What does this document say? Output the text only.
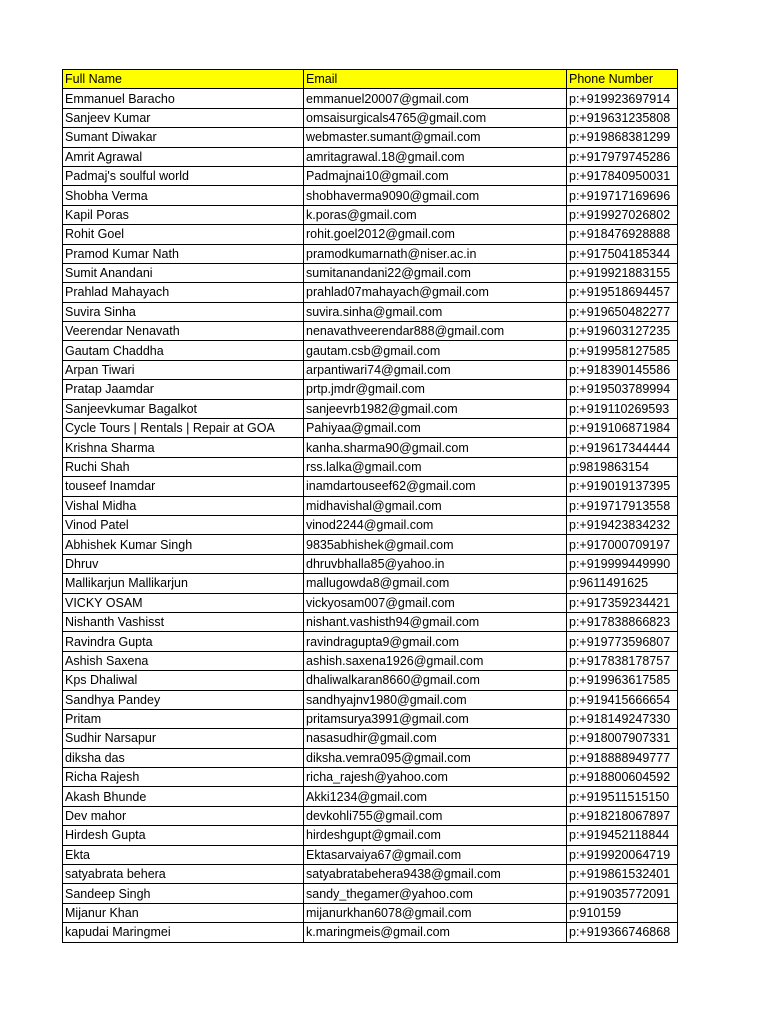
Full Name	Email	Phone Number
Emmanuel Baracho	emmanuel20007@gmail.com	p:+919923697914
Sanjeev Kumar	omsaisurgicals4765@gmail.com	p:+919631235808
Sumant Diwakar	webmaster.sumant@gmail.com	p:+919868381299
Amrit Agrawal	amritagrawal.18@gmail.com	p:+917979745286
Padmaj's soulful world	Padmajnai10@gmail.com	p:+917840950031
Shobha Verma	shobhaverma9090@gmail.com	p:+919717169696
Kapil Poras	k.poras@gmail.com	p:+919927026802
Rohit Goel	rohit.goel2012@gmail.com	p:+918476928888
Pramod Kumar Nath	pramodkumarnath@niser.ac.in	p:+917504185344
Sumit Anandani	sumitanandani22@gmail.com	p:+919921883155
Prahlad Mahayach	prahlad07mahayach@gmail.com	p:+919518694457
Suvira Sinha	suvira.sinha@gmail.com	p:+919650482277
Veerendar Nenavath	nenavathveerendar888@gmail.com	p:+919603127235
Gautam Chaddha	gautam.csb@gmail.com	p:+919958127585
Arpan Tiwari	arpantiwari74@gmail.com	p:+918390145586
Pratap Jaamdar	prtp.jmdr@gmail.com	p:+919503789994
Sanjeevkumar Bagalkot	sanjeevrb1982@gmail.com	p:+919110269593
Cycle Tours | Rentals | Repair at GOA	Pahiyaa@gmail.com	p:+919106871984
Krishna Sharma	kanha.sharma90@gmail.com	p:+919617344444
Ruchi Shah	rss.lalka@gmail.com	p:9819863154
touseef Inamdar	inamdartouseef62@gmail.com	p:+919019137395
Vishal Midha	midhavishal@gmail.com	p:+919717913558
Vinod Patel	vinod2244@gmail.com	p:+919423834232
Abhishek Kumar Singh	9835abhishek@gmail.com	p:+917000709197
Dhruv	dhruvbhalla85@yahoo.in	p:+919999449990
Mallikarjun Mallikarjun	mallugowda8@gmail.com	p:9611491625
VICKY OSAM	vickyosam007@gmail.com	p:+917359234421
Nishanth Vashisst	nishant.vashisth94@gmail.com	p:+917838866823
Ravindra Gupta	ravindragupta9@gmail.com	p:+919773596807
Ashish Saxena	ashish.saxena1926@gmail.com	p:+917838178757
Kps Dhaliwal	dhaliwalkaran8660@gmail.com	p:+919963617585
Sandhya Pandey	sandhyajnv1980@gmail.com	p:+919415666654
Pritam	pritamsurya3991@gmail.com	p:+918149247330
Sudhir Narsapur	nasasudhir@gmail.com	p:+918007907331
diksha das	diksha.vemra095@gmail.com	p:+918888949777
Richa Rajesh	richa_rajesh@yahoo.com	p:+918800604592
Akash Bhunde	Akki1234@gmail.com	p:+919511515150
Dev mahor	devkohli755@gmail.com	p:+918218067897
Hirdesh Gupta	hirdeshgupt@gmail.com	p:+919452118844
Ekta	Ektasarvaiya67@gmail.com	p:+919920064719
satyabrata behera	satyabratabehera9438@gmail.com	p:+919861532401
Sandeep Singh	sandy_thegamer@yahoo.com	p:+919035772091
Mijanur Khan	mijanurkhan6078@gmail.com	p:910159
kapudai Maringmei	k.maringmeis@gmail.com	p:+919366746868
